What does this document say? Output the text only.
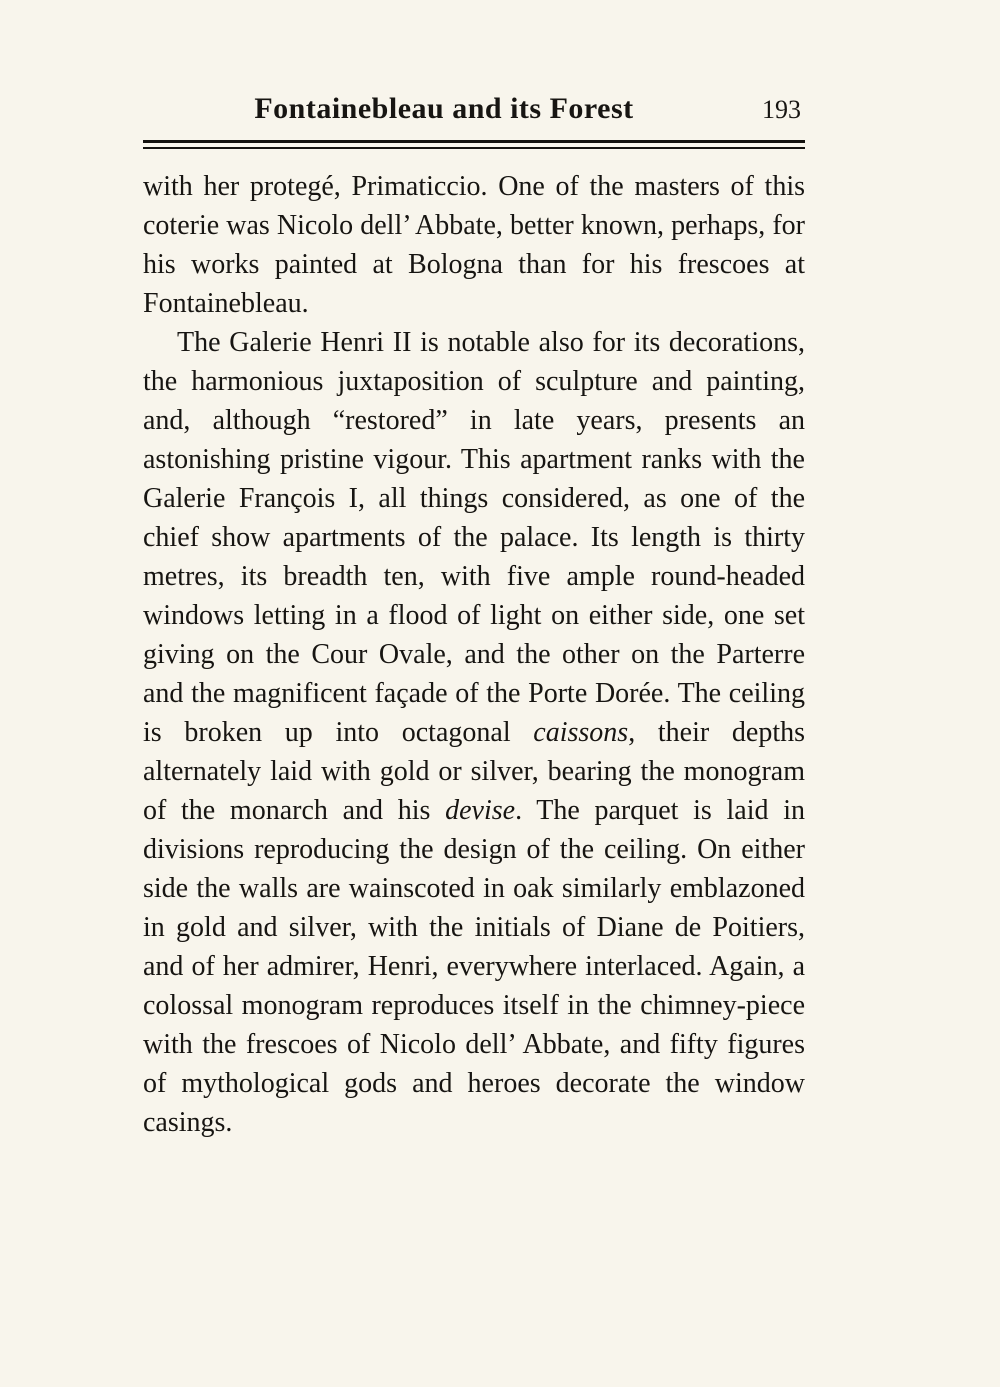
Fontainebleau and its Forest	193

with her protegé, Primaticcio. One of the masters of this coterie was Nicolo dell’ Abbate, better known, perhaps, for his works painted at Bologna than for his frescoes at Fontainebleau.

The Galerie Henri II is notable also for its decorations, the harmonious juxtaposition of sculpture and painting, and, although “restored” in late years, presents an astonishing pristine vigour. This apartment ranks with the Galerie François I, all things considered, as one of the chief show apartments of the palace. Its length is thirty metres, its breadth ten, with five ample round-headed windows letting in a flood of light on either side, one set giving on the Cour Ovale, and the other on the Parterre and the magnificent façade of the Porte Dorée. The ceiling is broken up into octagonal caissons, their depths alternately laid with gold or silver, bearing the monogram of the monarch and his devise. The parquet is laid in divisions reproducing the design of the ceiling. On either side the walls are wainscoted in oak similarly emblazoned in gold and silver, with the initials of Diane de Poitiers, and of her admirer, Henri, everywhere interlaced. Again, a colossal monogram reproduces itself in the chimney-piece with the frescoes of Nicolo dell’ Abbate, and fifty figures of mythological gods and heroes decorate the window casings.
